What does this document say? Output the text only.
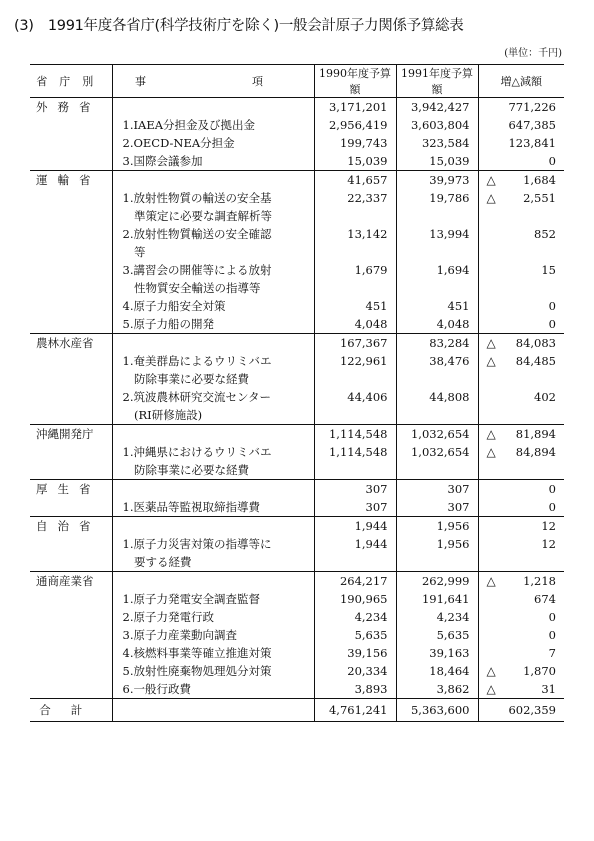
(3)　1991年度各省庁(科学技術庁を除く)一般会計原子力関係予算総表
(単位：千円)
省庁別	事　　項	1990年度予算額	1991年度予算額	増△減額
外務省		3,171,201	3,942,427	771,226

	1.IAEA分担金及び拠出金	2,956,419	3,603,804	647,385

	2.OECD-NEA分担金	199,743	323,584	123,841

	3.国際会議参加	15,039	15,039	0
運輸省		41,657	39,973	△ 1,684

	1.放射性物質の輸送の安全基	22,337	19,786	△ 2,551

	　準策定に必要な調査解析等			

	2.放射性物質輸送の安全確認	13,142	13,994	852

	　等			

	3.講習会の開催等による放射	1,679	1,694	15

	　性物質安全輸送の指導等			

	4.原子力船安全対策	451	451	0

	5.原子力船の開発	4,048	4,048	0
農林水産省		167,367	83,284	△ 84,083

	1.奄美群島によるウリミバエ	122,961	38,476	△ 84,485

	　防除事業に必要な経費			

	2.筑波農林研究交流センター	44,406	44,808	402

	　(RI研修施設)			

沖縄開発庁		1,114,548	1,032,654	△ 81,894

	1.沖縄県におけるウリミバエ	1,114,548	1,032,654	△ 84,894

	　防除事業に必要な経費			

厚生省		307	307	0

	1.医薬品等監視取締指導費	307	307	0
自治省		1,944	1,956	12

	1.原子力災害対策の指導等に	1,944	1,956	12

	　要する経費			

通商産業省		264,217	262,999	△ 1,218

	1.原子力発電安全調査監督	190,965	191,641	674

	2.原子力発電行政	4,234	4,234	0

	3.原子力産業動向調査	5,635	5,635	0

	4.核燃料事業等確立推進対策	39,156	39,163	7

	5.放射性廃棄物処理処分対策	20,334	18,464	△ 1,870

	6.一般行政費	3,893	3,862	△ 31
合計		4,761,241	5,363,600	602,359
